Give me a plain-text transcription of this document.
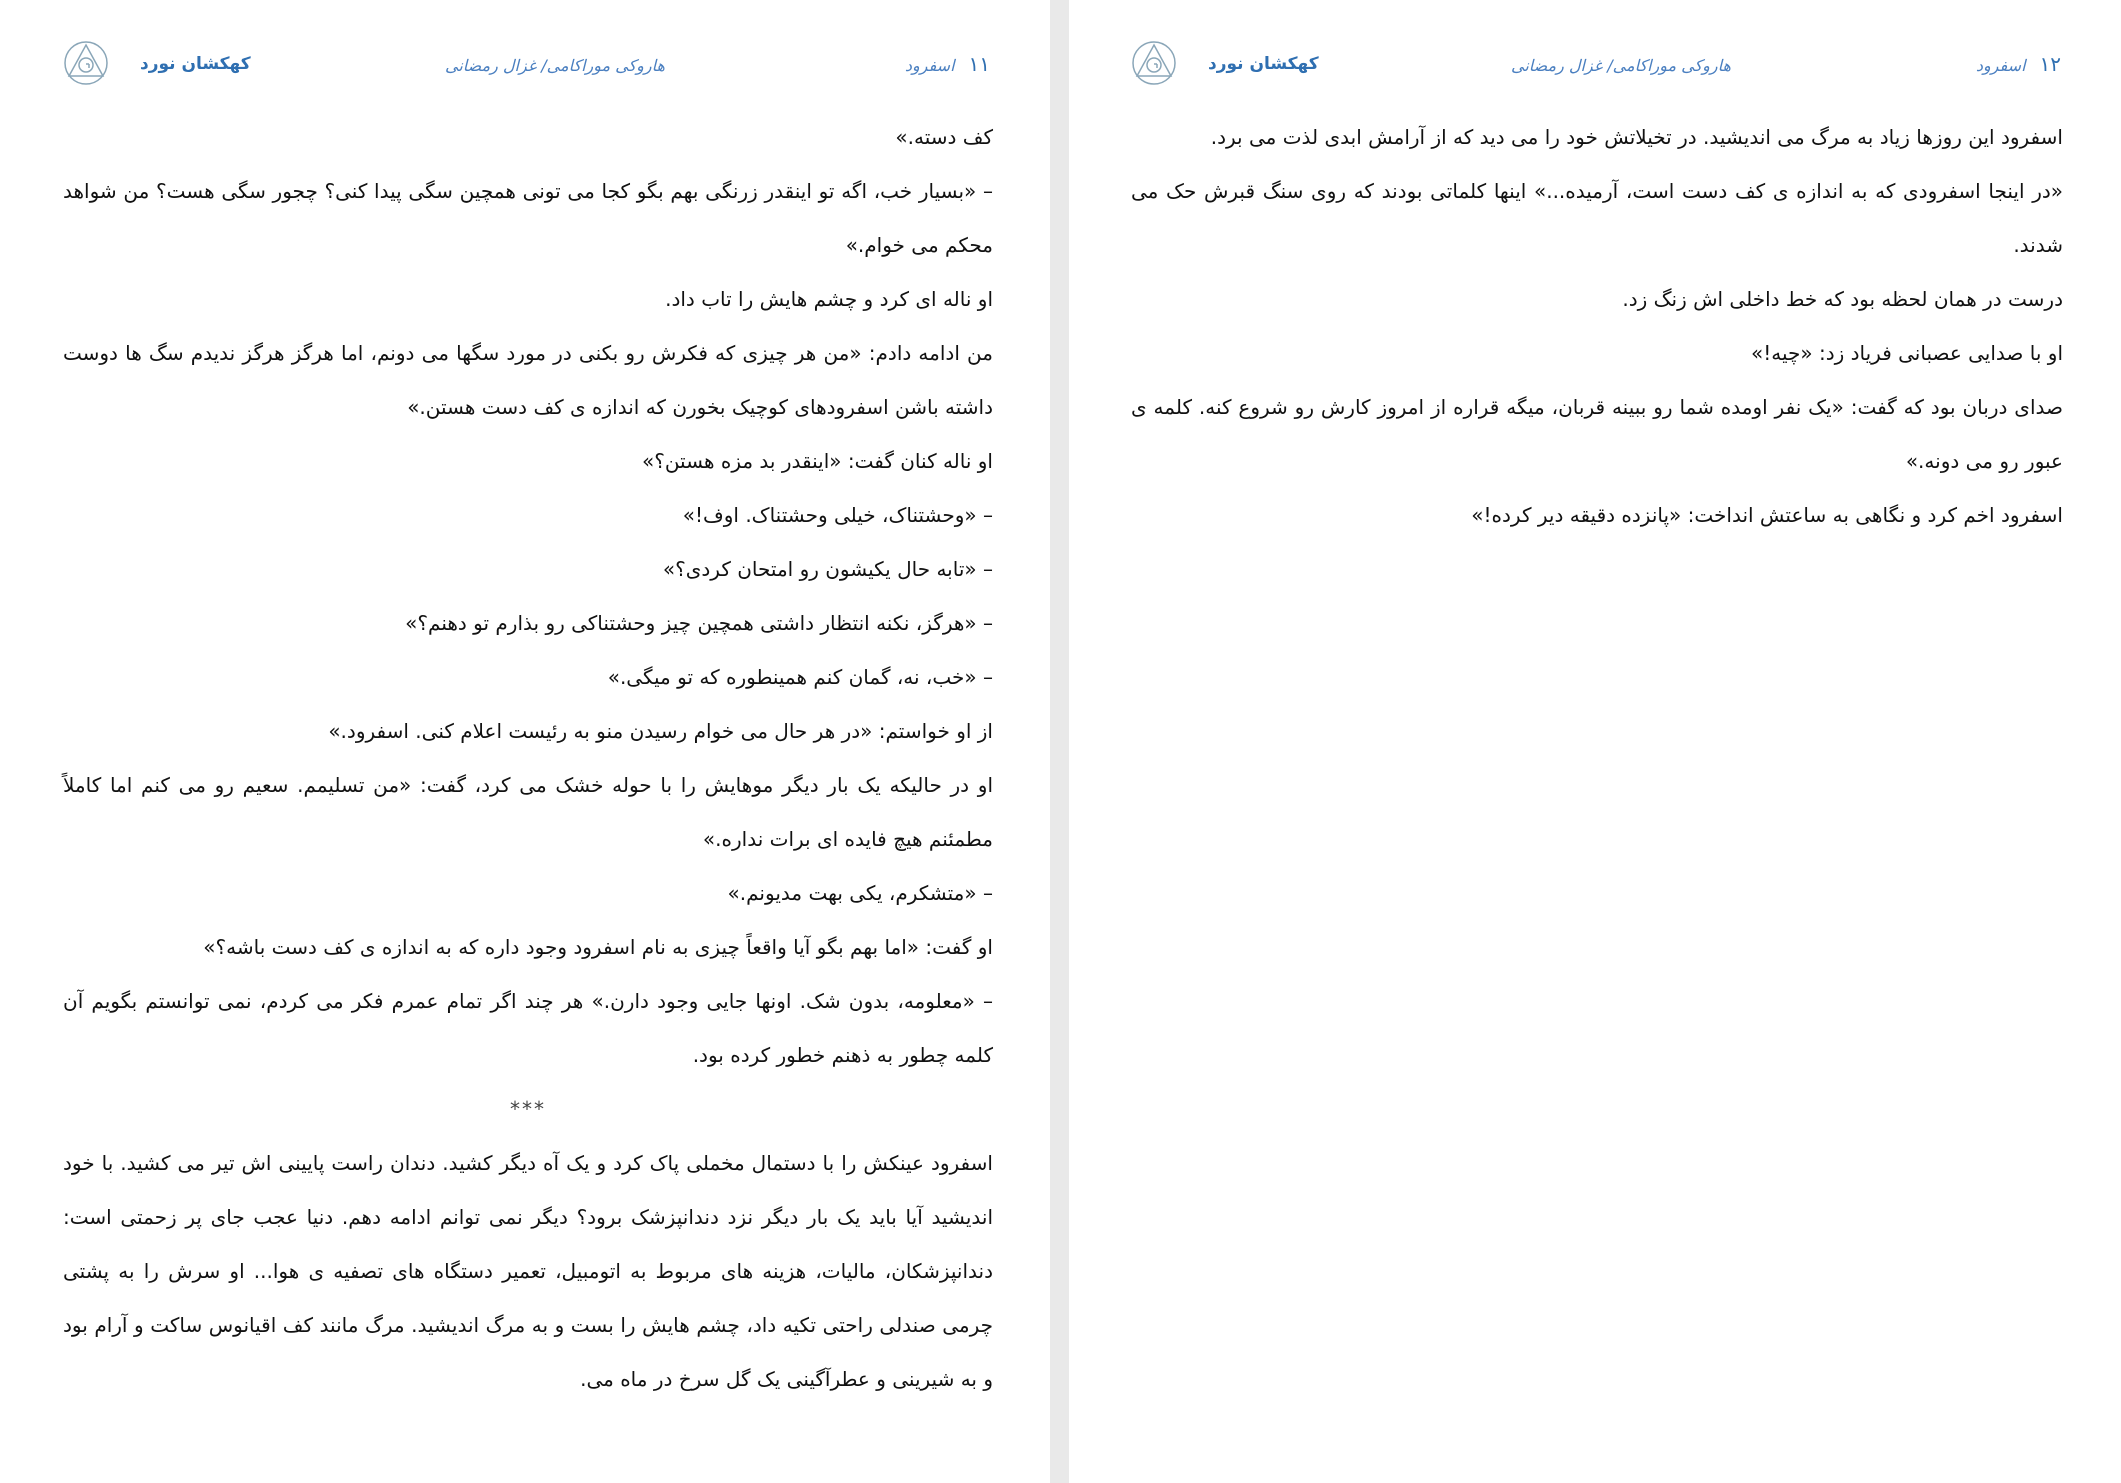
کهکشان نورد	هاروکی موراکامی/ غزال رمضانی	۱۱اسفرود

کف دسته.»

– «بسیار خب، اگه تو اینقدر زرنگی بهم بگو کجا می تونی همچین سگی پیدا کنی؟ چجور سگی هست؟ من شواهد محکم می خوام.»

او ناله ای کرد و چشم هایش را تاب داد.

من ادامه دادم: «من هر چیزی که فکرش رو بکنی در مورد سگها می دونم، اما هرگز هرگز ندیدم سگ ها دوست داشته باشن اسفرودهای کوچیک بخورن که اندازه ی کف دست هستن.»

او ناله کنان گفت: «اینقدر بد مزه هستن؟»

– «وحشتناک، خیلی وحشتناک. اوف!»

– «تابه حال یکیشون رو امتحان کردی؟»

– «هرگز، نکنه انتظار داشتی همچین چیز وحشتناکی رو بذارم تو دهنم؟»

– «خب، نه، گمان کنم همینطوره که تو میگی.»

از او خواستم: «در هر حال می خوام رسیدن منو به رئیست اعلام کنی. اسفرود.»

او در حالیکه یک بار دیگر موهایش را با حوله خشک می کرد، گفت: «من تسلیمم. سعیم رو می کنم اما کاملاً مطمئنم هیچ فایده ای برات نداره.»

– «متشکرم، یکی بهت مدیونم.»

او گفت: «اما بهم بگو آیا واقعاً چیزی به نام اسفرود وجود داره که به اندازه ی کف دست باشه؟»

– «معلومه، بدون شک. اونها جایی وجود دارن.» هر چند اگر تمام عمرم فکر می کردم، نمی توانستم بگویم آن کلمه چطور به ذهنم خطور کرده بود.

***

اسفرود عینکش را با دستمال مخملی پاک کرد و یک آه دیگر کشید. دندان راست پایینی اش تیر می کشید. با خود اندیشید آیا باید یک بار دیگر نزد دندانپزشک برود؟ دیگر نمی توانم ادامه دهم. دنیا عجب جای پر زحمتی است: دندانپزشکان، مالیات، هزینه های مربوط به اتومبیل، تعمیر دستگاه های تصفیه ی هوا... او سرش را به پشتی چرمی صندلی راحتی تکیه داد، چشم هایش را بست و به مرگ اندیشید. مرگ مانند کف اقیانوس ساکت و آرام بود و به شیرینی و عطرآگینی یک گل سرخ در ماه می.

کهکشان نورد	هاروکی موراکامی/ غزال رمضانی	۱۲اسفرود

اسفرود این روزها زیاد به مرگ می اندیشید. در تخیلاتش خود را می دید که از آرامش ابدی لذت می برد.

«در اینجا اسفرودی که به اندازه ی کف دست است، آرمیده...» اینها کلماتی بودند که روی سنگ قبرش حک می شدند.

درست در همان لحظه بود که خط داخلی اش زنگ زد.

او با صدایی عصبانی فریاد زد: «چیه!»

صدای دربان بود که گفت: «یک نفر اومده شما رو ببینه قربان، میگه قراره از امروز کارش رو شروع کنه. کلمه ی عبور رو می دونه.»

اسفرود اخم کرد و نگاهی به ساعتش انداخت: «پانزده دقیقه دیر کرده!»
